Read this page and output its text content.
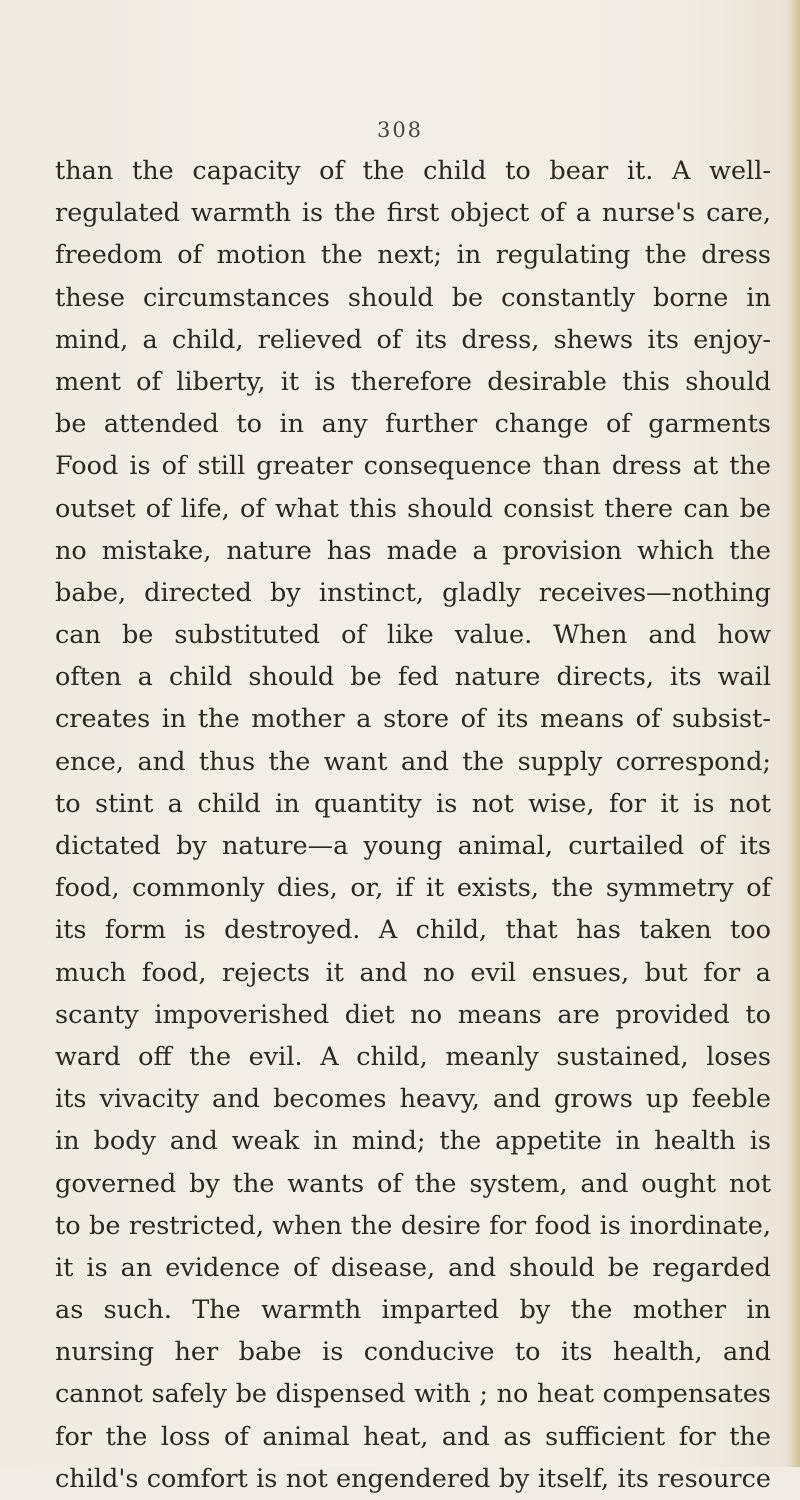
308
than the capacity of the child to bear it. A well-
regulated warmth is the first object of a nurse's care,
freedom of motion the next; in regulating the dress
these circumstances should be constantly borne in
mind, a child, relieved of its dress, shews its enjoy-
ment of liberty, it is therefore desirable this should
be attended to in any further change of garments
Food is of still greater consequence than dress at the
outset of life, of what this should consist there can be
no mistake, nature has made a provision which the
babe, directed by instinct, gladly receives—nothing
can be substituted of like value. When and how
often a child should be fed nature directs, its wail
creates in the mother a store of its means of subsist-
ence, and thus the want and the supply correspond;
to stint a child in quantity is not wise, for it is not
dictated by nature—a young animal, curtailed of its
food, commonly dies, or, if it exists, the symmetry of
its form is destroyed. A child, that has taken too
much food, rejects it and no evil ensues, but for a
scanty impoverished diet no means are provided to
ward off the evil. A child, meanly sustained, loses
its vivacity and becomes heavy, and grows up feeble
in body and weak in mind; the appetite in health is
governed by the wants of the system, and ought not
to be restricted, when the desire for food is inordinate,
it is an evidence of disease, and should be regarded
as such. The warmth imparted by the mother in
nursing her babe is conducive to its health, and
cannot safely be dispensed with ; no heat compensates
for the loss of animal heat, and as sufficient for the
child's comfort is not engendered by itself, its resource
